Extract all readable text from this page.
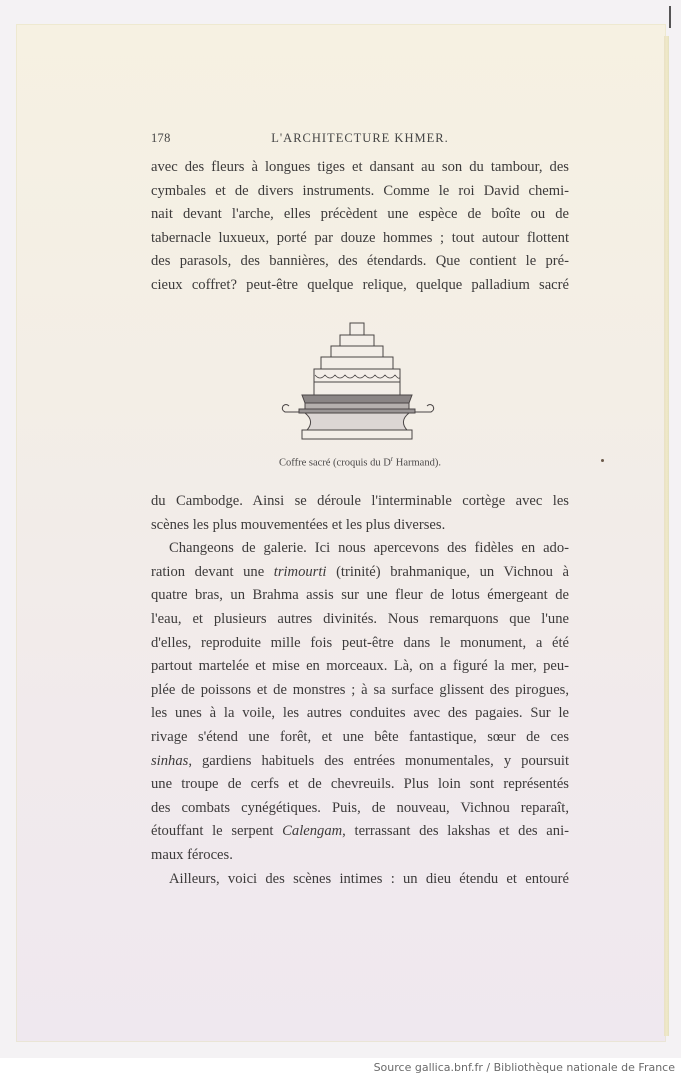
178	L'ARCHITECTURE KHMER.
avec des fleurs à longues tiges et dansant au son du tambour, des
cymbales et de divers instruments. Comme le roi David chemi-
nait devant l'arche, elles précèdent une espèce de boîte ou de
tabernacle luxueux, porté par douze hommes ; tout autour flottent
des parasols, des bannières, des étendards. Que contient le pré-
cieux coffret? peut-être quelque relique, quelque palladium sacré
Coffre sacré (croquis du $D^r$ Harmand).
du Cambodge. Ainsi se déroule l'interminable cortège avec les
scènes les plus mouvementées et les plus diverses.
Changeons de galerie. Ici nous apercevons des fidèles en ado-
ration devant une trimourti (trinité) brahmanique, un Vichnou à
quatre bras, un Brahma assis sur une fleur de lotus émergeant de
l'eau, et plusieurs autres divinités. Nous remarquons que l'une
d'elles, reproduite mille fois peut-être dans le monument, a été
partout martelée et mise en morceaux. Là, on a figuré la mer, peu-
plée de poissons et de monstres ; à sa surface glissent des pirogues,
les unes à la voile, les autres conduites avec des pagaies. Sur le
rivage s'étend une forêt, et une bête fantastique, sœur de ces
sinhas, gardiens habituels des entrées monumentales, y poursuit
une troupe de cerfs et de chevreuils. Plus loin sont représentés
des combats cynégétiques. Puis, de nouveau, Vichnou reparaît,
étouffant le serpent Calengam, terrassant des lakshas et des ani-
maux féroces.
Ailleurs, voici des scènes intimes : un dieu étendu et entouré
Source gallica.bnf.fr / Bibliothèque nationale de France
